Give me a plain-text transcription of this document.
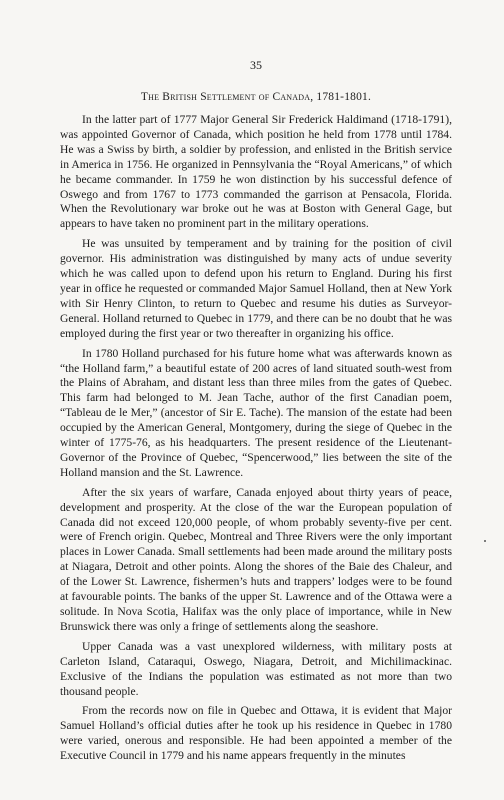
35
The British Settlement of Canada, 1781-1801.

In the latter part of 1777 Major General Sir Frederick Haldimand (1718-1791), was appointed Governor of Canada, which position he held from 1778 until 1784. He was a Swiss by birth, a soldier by profession, and enlisted in the British service in America in 1756. He organized in Pennsylvania the “Royal Americans,” of which he became commander. In 1759 he won distinction by his successful defence of Oswego and from 1767 to 1773 commanded the garrison at Pensacola, Florida. When the Revolutionary war broke out he was at Boston with General Gage, but appears to have taken no prominent part in the military operations.

He was unsuited by temperament and by training for the position of civil governor. His administration was distinguished by many acts of undue severity which he was called upon to defend upon his return to England. During his first year in office he requested or commanded Major Samuel Holland, then at New York with Sir Henry Clinton, to return to Quebec and resume his duties as Surveyor-General. Holland returned to Quebec in 1779, and there can be no doubt that he was employed during the first year or two thereafter in organizing his office.

In 1780 Holland purchased for his future home what was afterwards known as “the Holland farm,” a beautiful estate of 200 acres of land situated south-west from the Plains of Abraham, and distant less than three miles from the gates of Quebec. This farm had belonged to M. Jean Tache, author of the first Canadian poem, “Tableau de le Mer,” (ancestor of Sir E. Tache). The mansion of the estate had been occupied by the American General, Montgomery, during the siege of Quebec in the winter of 1775-76, as his headquarters. The present residence of the Lieutenant-Governor of the Province of Quebec, “Spencerwood,” lies between the site of the Holland mansion and the St. Lawrence.

After the six years of warfare, Canada enjoyed about thirty years of peace, development and prosperity. At the close of the war the European population of Canada did not exceed 120,000 people, of whom probably seventy-five per cent. were of French origin. Quebec, Montreal and Three Rivers were the only important places in Lower Canada. Small settlements had been made around the military posts at Niagara, Detroit and other points. Along the shores of the Baie des Chaleur, and of the Lower St. Lawrence, fishermen’s huts and trappers’ lodges were to be found at favourable points. The banks of the upper St. Lawrence and of the Ottawa were a solitude. In Nova Scotia, Halifax was the only place of importance, while in New Brunswick there was only a fringe of settlements along the seashore.

Upper Canada was a vast unexplored wilderness, with military posts at Carleton Island, Cataraqui, Oswego, Niagara, Detroit, and Michilimackinac. Exclusive of the Indians the population was estimated as not more than two thousand people.

From the records now on file in Quebec and Ottawa, it is evident that Major Samuel Holland’s official duties after he took up his residence in Quebec in 1780 were varied, onerous and responsible. He had been appointed a member of the Executive Council in 1779 and his name appears frequently in the minutes
